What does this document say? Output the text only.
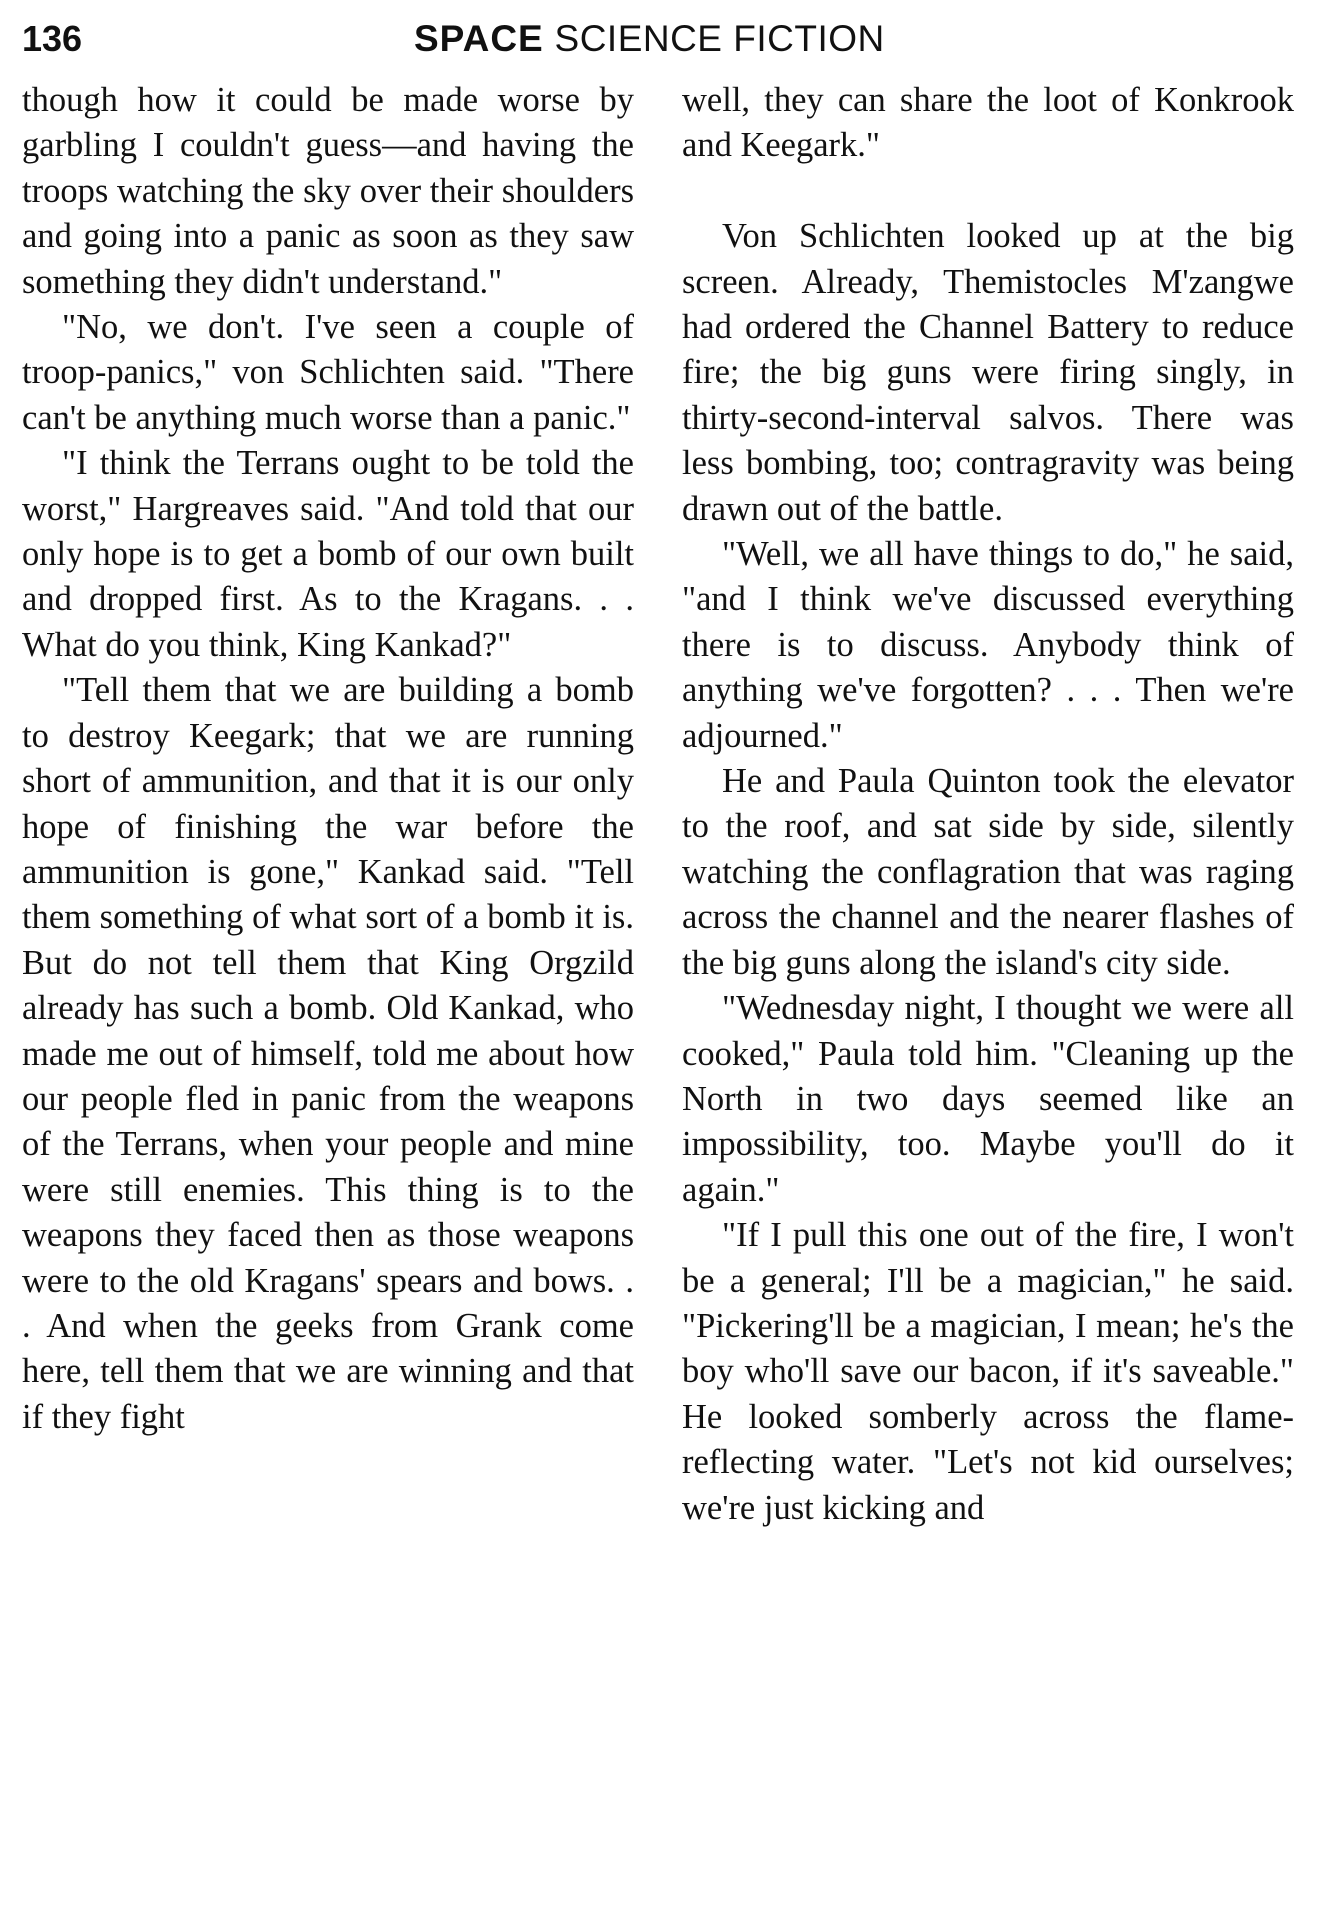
136	SPACE SCIENCE FICTION

though how it could be made worse by garbling I couldn't guess—and having the troops watching the sky over their shoulders and going into a panic as soon as they saw something they didn't understand."

"No, we don't. I've seen a couple of troop-panics," von Schlichten said. "There can't be anything much worse than a panic."

"I think the Terrans ought to be told the worst," Hargreaves said. "And told that our only hope is to get a bomb of our own built and dropped first. As to the Kragans. . . What do you think, King Kankad?"

"Tell them that we are building a bomb to destroy Keegark; that we are running short of ammunition, and that it is our only hope of finishing the war before the ammunition is gone," Kankad said. "Tell them something of what sort of a bomb it is. But do not tell them that King Orgzild already has such a bomb. Old Kankad, who made me out of himself, told me about how our people fled in panic from the weapons of the Terrans, when your people and mine were still enemies. This thing is to the weapons they faced then as those weapons were to the old Kragans' spears and bows. . . And when the geeks from Grank come here, tell them that we are winning and that if they fight

well, they can share the loot of Konkrook and Keegark."

Von Schlichten looked up at the big screen. Already, Themistocles M'zangwe had ordered the Channel Battery to reduce fire; the big guns were firing singly, in thirty-second-interval salvos. There was less bombing, too; contragravity was being drawn out of the battle.

"Well, we all have things to do," he said, "and I think we've discussed everything there is to discuss. Anybody think of anything we've forgotten? . . . Then we're adjourned."

He and Paula Quinton took the elevator to the roof, and sat side by side, silently watching the conflagration that was raging across the channel and the nearer flashes of the big guns along the island's city side.

"Wednesday night, I thought we were all cooked," Paula told him. "Cleaning up the North in two days seemed like an impossibility, too. Maybe you'll do it again."

"If I pull this one out of the fire, I won't be a general; I'll be a magician," he said. "Pickering'll be a magician, I mean; he's the boy who'll save our bacon, if it's saveable." He looked somberly across the flame-reflecting water. "Let's not kid ourselves; we're just kicking and
